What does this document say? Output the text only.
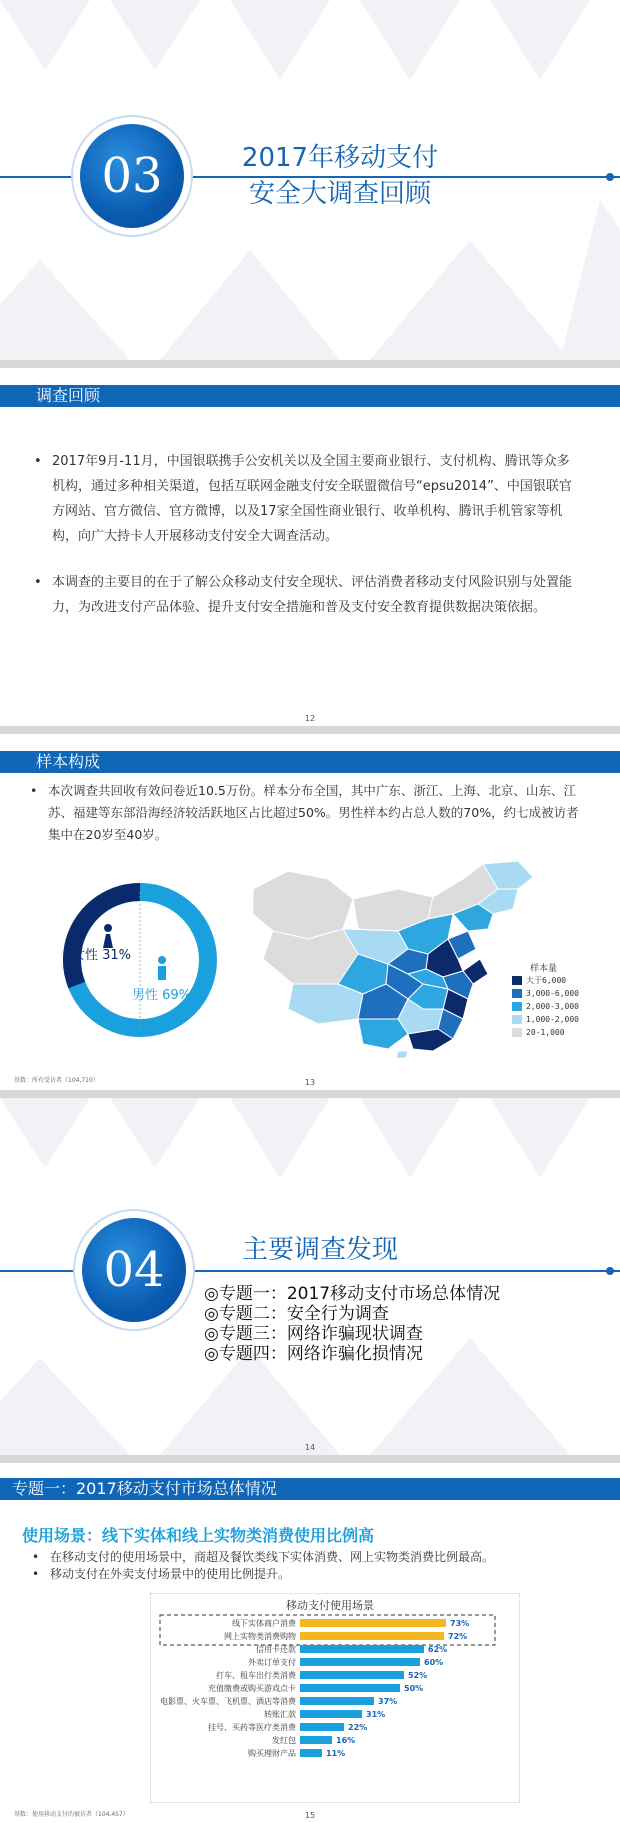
03	2017年移动支付
安全大调查回顾
调查回顾
• 2017年9月-11月，中国银联携手公安机关以及全国主要商业银行、支付机构、腾讯等众多机构，通过多种相关渠道，包括互联网金融支付安全联盟微信号“epsu2014”、中国银联官方网站、官方微信、官方微博，以及17家全国性商业银行、收单机构、腾讯手机管家等机构，向广大持卡人开展移动支付安全大调查活动。
• 本调查的主要目的在于了解公众移动支付安全现状、评估消费者移动支付风险识别与处置能力，为改进支付产品体验、提升支付安全措施和普及支付安全教育提供数据决策依据。
12
样本构成
• 本次调查共回收有效问卷近10.5万份。样本分布全国，其中广东、浙江、上海、北京、山东、江苏、福建等东部沿海经济较活跃地区占比超过50%。男性样本约占总人数的70%，约七成被访者集中在20岁至40岁。
女性 31%
男性 69%
样本量
大于6,000
3,000-6,000
2,000-3,000
1,000-2,000
20-1,000
基数：所有受访者（104,710）	13
04	主要调查发现
◎专题一：2017移动支付市场总体情况
◎专题二：安全行为调查
◎专题三：网络诈骗现状调查
◎专题四：网络诈骗化损情况
14
专题一：2017移动支付市场总体情况
使用场景：线下实体和线上实物类消费使用比例高
• 在移动支付的使用场景中，商超及餐饮类线下实体消费、网上实物类消费比例最高。
• 移动支付在外卖支付场景中的使用比例提升。
移动支付使用场景
线下实体商户消费	73%
网上实物类消费购物	72%
信用卡还款	62%
外卖订单支付	60%
打车、租车出行类消费	52%
充值缴费或购买游戏点卡	50%
电影票、火车票、飞机票、酒店等消费	37%
转账汇款	31%
挂号、买药等医疗类消费	22%
发红包	16%
购买理财产品	11%
基数：使用移动支付的被访者（104,457）	15
